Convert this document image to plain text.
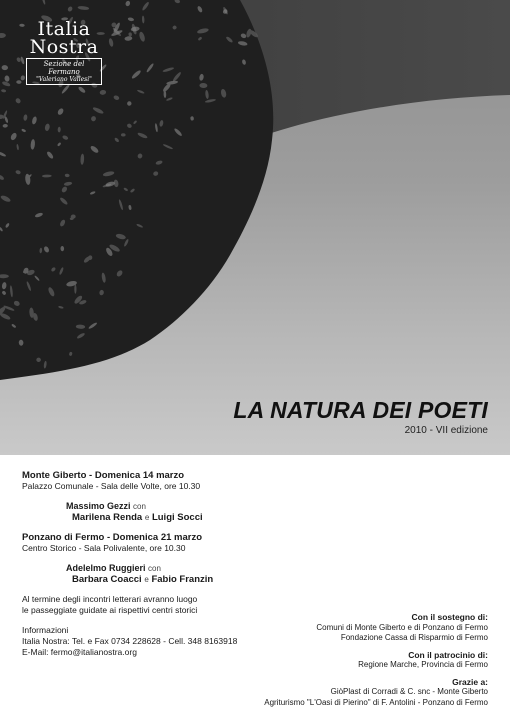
Italia
Nostra
Sezione del Fermano
"Valeriano Vallesi"
LA NATURA DEI POETI
2010 - VII edizione
Monte Giberto - Domenica 14 marzo
Palazzo Comunale - Sala delle Volte, ore 10.30
Massimo Gezzi con
Marilena Renda e Luigi Socci
Ponzano di Fermo - Domenica 21 marzo
Centro Storico - Sala Polivalente, ore 10.30
Adelelmo Ruggieri con
Barbara Coacci e Fabio Franzin
Al termine degli incontri letterari avranno luogo
le passeggiate guidate ai rispettivi centri storici
Informazioni
Italia Nostra: Tel. e Fax 0734 228628 - Cell. 348 8163918
E-Mail: fermo@italianostra.org
Con il sostegno di:
Comuni di Monte Giberto e di Ponzano di Fermo
Fondazione Cassa di Risparmio di Fermo
Con il patrocinio di:
Regione Marche, Provincia di Fermo
Grazie a:
GiòPlast di Corradi & C. snc - Monte Giberto
Agriturismo "L'Oasi di Pierino" di F. Antolini - Ponzano di Fermo
